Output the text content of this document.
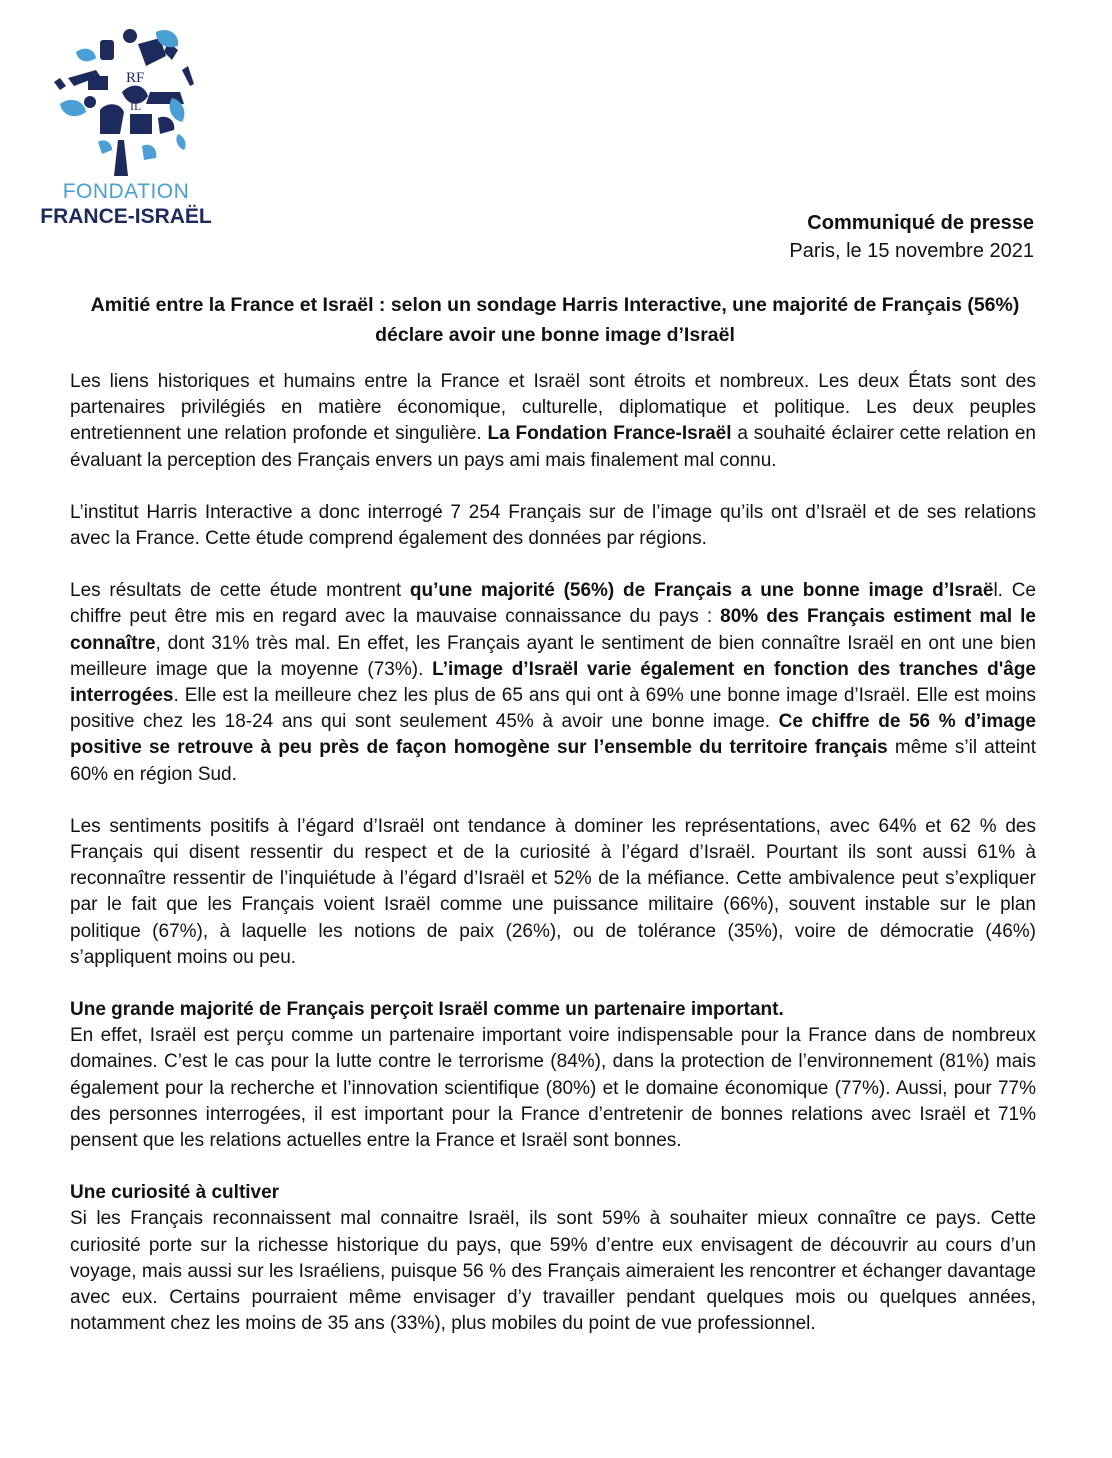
RF
IL
FONDATION
FRANCE-ISRAËL	Communiqué de presse
Paris, le 15 novembre 2021
Amitié entre la France et Israël : selon un sondage Harris Interactive, une majorité de Français (56%) déclare avoir une bonne image d’Israël

Les liens historiques et humains entre la France et Israël sont étroits et nombreux. Les deux États sont des partenaires privilégiés en matière économique, culturelle, diplomatique et politique. Les deux peuples entretiennent une relation profonde et singulière. La Fondation France-Israël a souhaité éclairer cette relation en évaluant la perception des Français envers un pays ami mais finalement mal connu.

L’institut Harris Interactive a donc interrogé 7 254 Français sur de l’image qu’ils ont d’Israël et de ses relations avec la France. Cette étude comprend également des données par régions.

Les résultats de cette étude montrent qu’une majorité (56%) de Français a une bonne image d’Israël. Ce chiffre peut être mis en regard avec la mauvaise connaissance du pays : 80% des Français estiment mal le connaître, dont 31% très mal. En effet, les Français ayant le sentiment de bien connaître Israël en ont une bien meilleure image que la moyenne (73%). L’image d’Israël varie également en fonction des tranches d'âge interrogées. Elle est la meilleure chez les plus de 65 ans qui ont à 69% une bonne image d’Israël. Elle est moins positive chez les 18-24 ans qui sont seulement 45% à avoir une bonne image. Ce chiffre de 56 % d’image positive se retrouve à peu près de façon homogène sur l’ensemble du territoire français même s’il atteint 60% en région Sud.

Les sentiments positifs à l’égard d’Israël ont tendance à dominer les représentations, avec 64% et 62 % des Français qui disent ressentir du respect et de la curiosité à l’égard d’Israël. Pourtant ils sont aussi 61% à reconnaître ressentir de l’inquiétude à l’égard d’Israël et 52% de la méfiance. Cette ambivalence peut s’expliquer par le fait que les Français voient Israël comme une puissance militaire (66%), souvent instable sur le plan politique (67%), à laquelle les notions de paix (26%), ou de tolérance (35%), voire de démocratie (46%) s’appliquent moins ou peu.

Une grande majorité de Français perçoit Israël comme un partenaire important.

En effet, Israël est perçu comme un partenaire important voire indispensable pour la France dans de nombreux domaines. C’est le cas pour la lutte contre le terrorisme (84%), dans la protection de l’environnement (81%) mais également pour la recherche et l’innovation scientifique (80%) et le domaine économique (77%). Aussi, pour 77% des personnes interrogées, il est important pour la France d’entretenir de bonnes relations avec Israël et 71% pensent que les relations actuelles entre la France et Israël sont bonnes.

Une curiosité à cultiver

Si les Français reconnaissent mal connaitre Israël, ils sont 59% à souhaiter mieux connaître ce pays. Cette curiosité porte sur la richesse historique du pays, que 59% d’entre eux envisagent de découvrir au cours d’un voyage, mais aussi sur les Israéliens, puisque 56 % des Français aimeraient les rencontrer et échanger davantage avec eux. Certains pourraient même envisager d’y travailler pendant quelques mois ou quelques années, notamment chez les moins de 35 ans (33%), plus mobiles du point de vue professionnel.
